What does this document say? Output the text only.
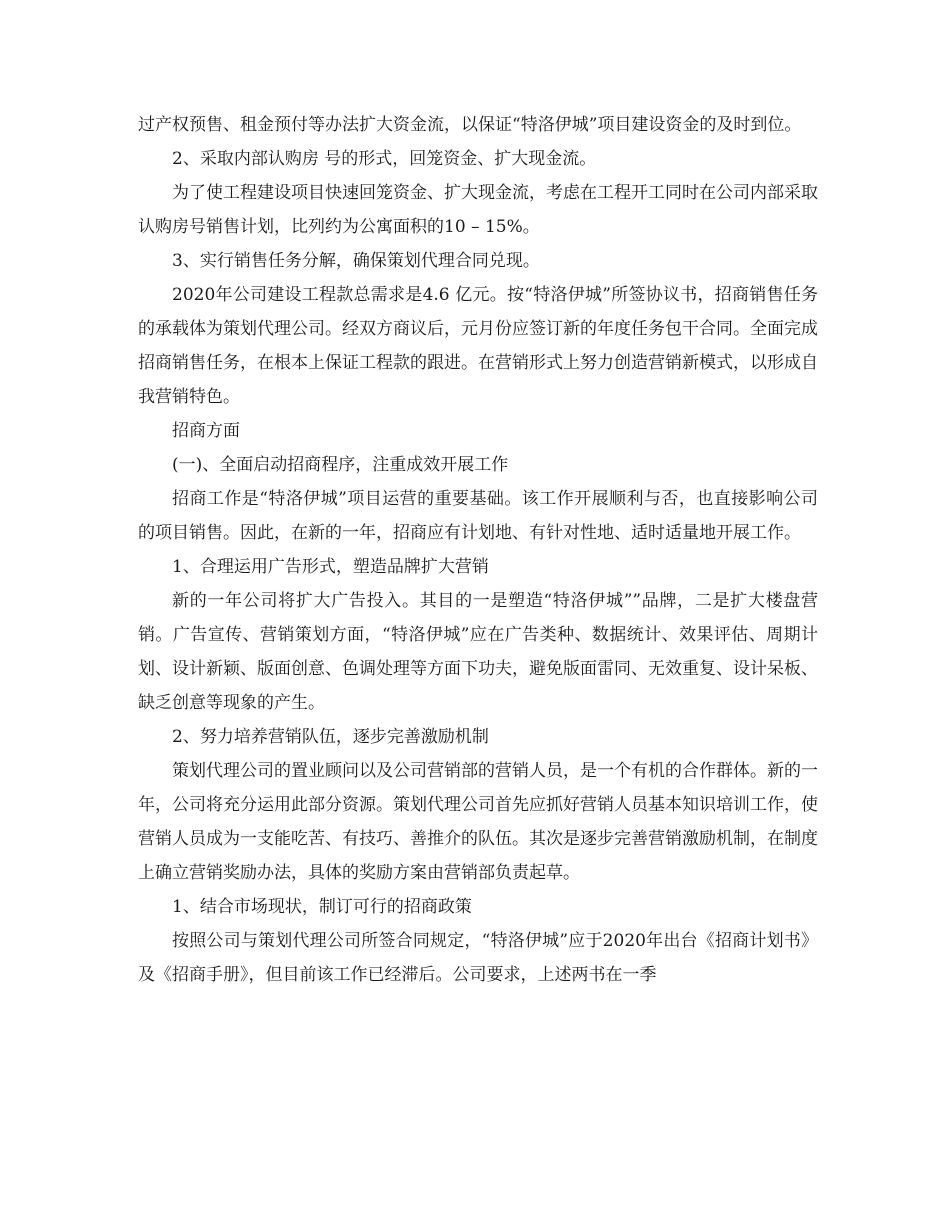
过产权预售、租金预付等办法扩大资金流，以保证“特洛伊城”项目建设资金的及时到位。

2、采取内部认购房 号的形式，回笼资金、扩大现金流。

为了使工程建设项目快速回笼资金、扩大现金流，考虑在工程开工同时在公司内部采取认购房号销售计划，比列约为公寓面积的10 – 15%。

3、实行销售任务分解，确保策划代理合同兑现。

2020年公司建设工程款总需求是4.6 亿元。按“特洛伊城”所签协议书，招商销售任务的承载体为策划代理公司。经双方商议后，元月份应签订新的年度任务包干合同。全面完成招商销售任务，在根本上保证工程款的跟进。在营销形式上努力创造营销新模式，以形成自我营销特色。

招商方面

(一)、全面启动招商程序，注重成效开展工作

招商工作是“特洛伊城”项目运营的重要基础。该工作开展顺利与否，也直接影响公司的项目销售。因此，在新的一年，招商应有计划地、有针对性地、适时适量地开展工作。

1、合理运用广告形式，塑造品牌扩大营销

新的一年公司将扩大广告投入。其目的一是塑造“特洛伊城””品牌，二是扩大楼盘营销。广告宣传、营销策划方面，“特洛伊城”应在广告类种、数据统计、效果评估、周期计划、设计新颖、版面创意、色调处理等方面下功夫，避免版面雷同、无效重复、设计呆板、缺乏创意等现象的产生。

2、努力培养营销队伍，逐步完善激励机制

策划代理公司的置业顾问以及公司营销部的营销人员，是一个有机的合作群体。新的一年，公司将充分运用此部分资源。策划代理公司首先应抓好营销人员基本知识培训工作，使营销人员成为一支能吃苦、有技巧、善推介的队伍。其次是逐步完善营销激励机制，在制度上确立营销奖励办法，具体的奖励方案由营销部负责起草。

1、结合市场现状，制订可行的招商政策

按照公司与策划代理公司所签合同规定，“特洛伊城”应于2020年出台《招商计划书》及《招商手册》，但目前该工作已经滞后。公司要求，上述两书在一季
